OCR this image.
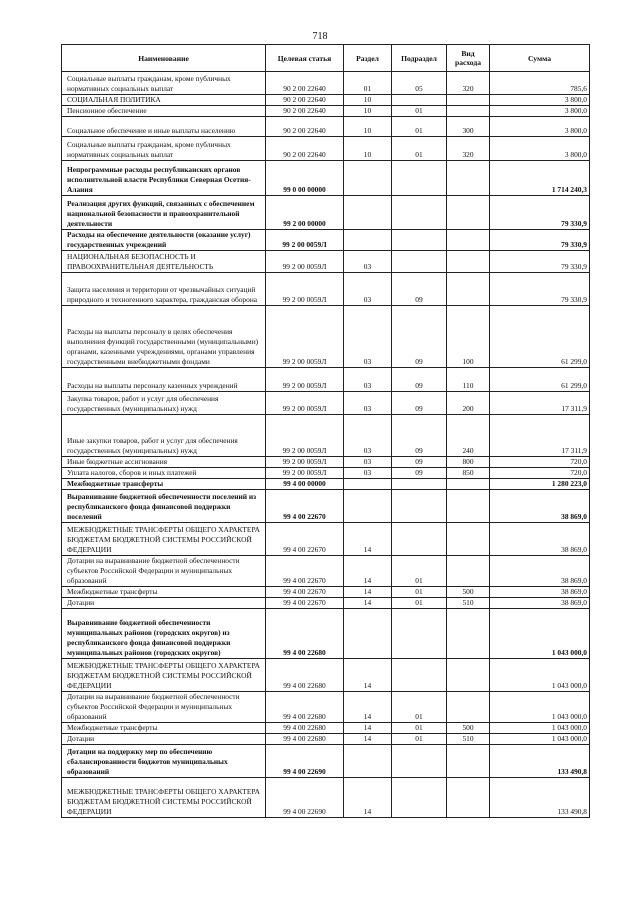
718
Наименование	Целевая статья	Раздел	Подраздел	Вид расхода	Сумма
Социальные выплаты гражданам, кроме публичных нормативных социальных выплат	90 2 00 22640	01	05	320	785,6
СОЦИАЛЬНАЯ ПОЛИТИКА	90 2 00 22640	10			3 800,0
Пенсионное обеспечение	90 2 00 22640	10	01		3 800,0
Социальное обеспечение и иные выплаты населению	90 2 00 22640	10	01	300	3 800,0
Социальные выплаты гражданам, кроме публичных нормативных социальных выплат	90 2 00 22640	10	01	320	3 800,0
Непрограммные расходы республиканских органов исполнительной власти Республики Северная Осетия-Алания	99 0 00 00000				1 714 240,3
Реализация других функций, связанных с обеспечением национальной безопасности и правоохранительной деятельности	99 2 00 00000				79 330,9
Расходы на обеспечение деятельности (оказание услуг) государственных учреждений	99 2 00 0059Л				79 330,9
НАЦИОНАЛЬНАЯ БЕЗОПАСНОСТЬ И ПРАВООХРАНИТЕЛЬНАЯ ДЕЯТЕЛЬНОСТЬ	99 2 00 0059Л	03			79 330,9
Защита населения и территории от чрезвычайных ситуаций природного и техногенного характера, гражданская оборона	99 2 00 0059Л	03	09		79 330,9
Расходы на выплаты персоналу в целях обеспечения выполнения функций государственными (муниципальными) органами, казенными учреждениями, органами управления государственными внебюджетными фондами	99 2 00 0059Л	03	09	100	61 299,0
Расходы на выплаты персоналу казенных учреждений	99 2 00 0059Л	03	09	110	61 299,0
Закупка товаров, работ и услуг для обеспечения государственных (муниципальных) нужд	99 2 00 0059Л	03	09	200	17 311,9
Иные закупки товаров, работ и услуг для обеспечения государственных (муниципальных) нужд	99 2 00 0059Л	03	09	240	17 311,9
Иные бюджетные ассигнования	99 2 00 0059Л	03	09	800	720,0
Уплата налогов, сборов и иных платежей	99 2 00 0059Л	03	09	850	720,0
Межбюджетные трансферты	99 4 00 00000				1 280 223,0
Выравнивание бюджетной обеспеченности поселений из республиканского фонда финансовой поддержки поселений	99 4 00 22670				38 869,0
МЕЖБЮДЖЕТНЫЕ ТРАНСФЕРТЫ ОБЩЕГО ХАРАКТЕРА БЮДЖЕТАМ БЮДЖЕТНОЙ СИСТЕМЫ РОССИЙСКОЙ ФЕДЕРАЦИИ	99 4 00 22670	14			38 869,0
Дотации на выравнивание бюджетной обеспеченности субъектов Российской Федерации и муниципальных образований	99 4 00 22670	14	01		38 869,0
Межбюджетные трансферты	99 4 00 22670	14	01	500	38 869,0
Дотации	99 4 00 22670	14	01	510	38 869,0
Выравнивание бюджетной обеспеченности муниципальных районов (городских округов) из республиканского фонда финансовой поддержки муниципальных районов (городских округов)	99 4 00 22680				1 043 000,0
МЕЖБЮДЖЕТНЫЕ ТРАНСФЕРТЫ ОБЩЕГО ХАРАКТЕРА БЮДЖЕТАМ БЮДЖЕТНОЙ СИСТЕМЫ РОССИЙСКОЙ ФЕДЕРАЦИИ	99 4 00 22680	14			1 043 000,0
Дотации на выравнивание бюджетной обеспеченности субъектов Российской Федерации и муниципальных образований	99 4 00 22680	14	01		1 043 000,0
Межбюджетные трансферты	99 4 00 22680	14	01	500	1 043 000,0
Дотации	99 4 00 22680	14	01	510	1 043 000,0
Дотации на поддержку мер по обеспечению сбалансированности бюджетов муниципальных образований	99 4 00 22690				133 490,8
МЕЖБЮДЖЕТНЫЕ ТРАНСФЕРТЫ ОБЩЕГО ХАРАКТЕРА БЮДЖЕТАМ БЮДЖЕТНОЙ СИСТЕМЫ РОССИЙСКОЙ ФЕДЕРАЦИИ	99 4 00 22690	14			133 490,8
